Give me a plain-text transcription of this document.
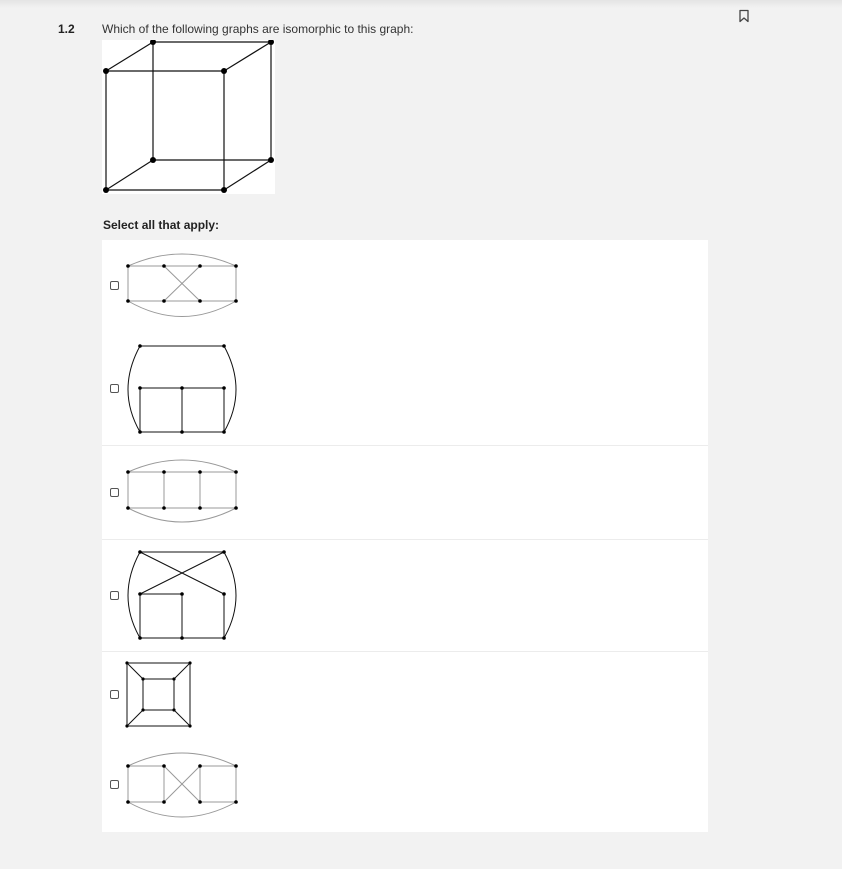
1.2 Which of the following graphs are isomorphic to this graph:
Select all that apply:
